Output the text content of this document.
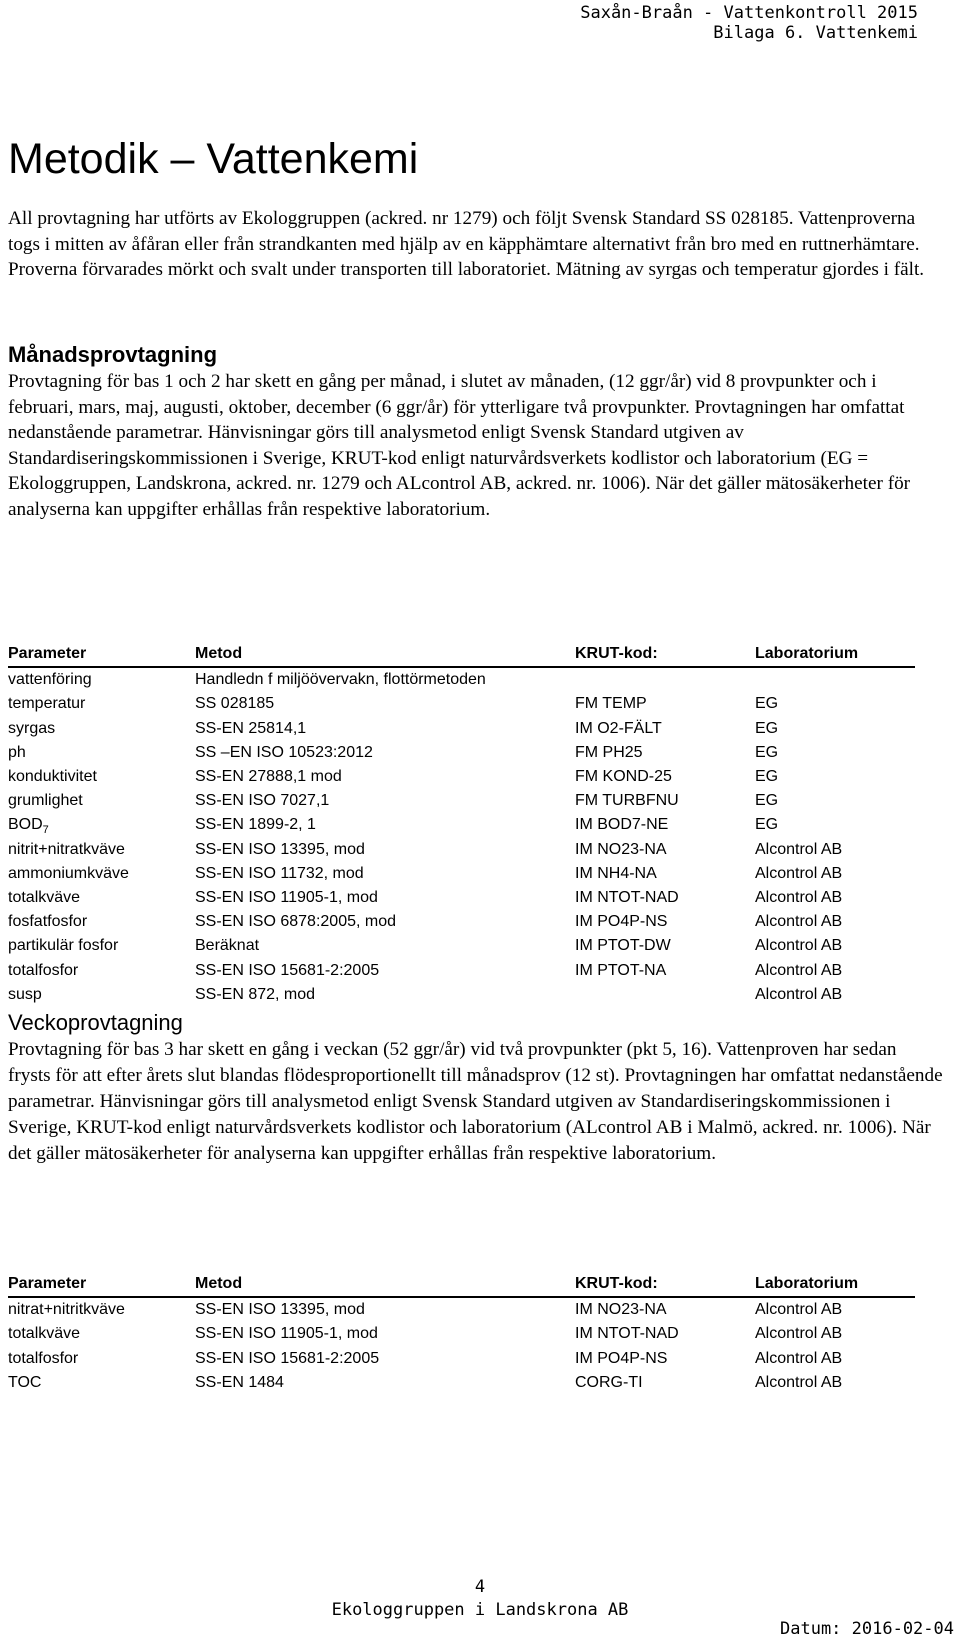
Saxån-Braån - Vattenkontroll 2015
Bilaga 6. Vattenkemi
Metodik – Vattenkemi

All provtagning har utförts av Ekologgruppen (ackred. nr 1279) och följt Svensk Standard SS 028185. Vattenproverna togs i mitten av åfåran eller från strandkanten med hjälp av en käpphämtare alternativt från bro med en ruttnerhämtare. Proverna förvarades mörkt och svalt under transporten till laboratoriet. Mätning av syrgas och temperatur gjordes i fält.

Månadsprovtagning

Provtagning för bas 1 och 2 har skett en gång per månad, i slutet av månaden, (12 ggr/år) vid 8 provpunkter och i februari, mars, maj, augusti, oktober, december (6 ggr/år) för ytterligare två provpunkter. Provtagningen har omfattat nedanstående parametrar. Hänvisningar görs till analysmetod enligt Svensk Standard utgiven av Standardiseringskommissionen i Sverige, KRUT-kod enligt naturvårdsverkets kodlistor och laboratorium (EG = Ekologgruppen, Landskrona, ackred. nr. 1279 och ALcontrol AB, ackred. nr. 1006). När det gäller mätosäkerheter för analyserna kan uppgifter erhållas från respektive laboratorium.

Parameter	Metod	KRUT-kod:	Laboratorium
vattenföring	Handledn f miljöövervakn, flottörmetoden		
temperatur	SS 028185	FM TEMP	EG
syrgas	SS-EN 25814,1	IM O2-FÄLT	EG
ph	SS –EN ISO 10523:2012	FM PH25	EG
konduktivitet	SS-EN 27888,1 mod	FM KOND-25	EG
grumlighet	SS-EN ISO 7027,1	FM TURBFNU	EG
$BOD_7$	SS-EN 1899-2, 1	IM BOD7-NE	EG
nitrit+nitratkväve	SS-EN ISO 13395, mod	IM NO23-NA	Alcontrol AB
ammoniumkväve	SS-EN ISO 11732, mod	IM NH4-NA	Alcontrol AB
totalkväve	SS-EN ISO 11905-1, mod	IM NTOT-NAD	Alcontrol AB
fosfatfosfor	SS-EN ISO 6878:2005, mod	IM PO4P-NS	Alcontrol AB
partikulär fosfor	Beräknat	IM PTOT-DW	Alcontrol AB
totalfosfor	SS-EN ISO 15681-2:2005	IM PTOT-NA	Alcontrol AB
susp	SS-EN 872, mod		Alcontrol AB
Veckoprovtagning

Provtagning för bas 3 har skett en gång i veckan (52 ggr/år) vid två provpunkter (pkt 5, 16). Vattenproven har sedan frysts för att efter årets slut blandas flödesproportionellt till månadsprov (12 st). Provtagningen har omfattat nedanstående parametrar. Hänvisningar görs till analysmetod enligt Svensk Standard utgiven av Standardiseringskommissionen i Sverige, KRUT-kod enligt naturvårdsverkets kodlistor och laboratorium (ALcontrol AB i Malmö, ackred. nr. 1006). När det gäller mätosäkerheter för analyserna kan uppgifter erhållas från respektive laboratorium.

Parameter	Metod	KRUT-kod:	Laboratorium
nitrat+nitritkväve	SS-EN ISO 13395, mod	IM NO23-NA	Alcontrol AB
totalkväve	SS-EN ISO 11905-1, mod	IM NTOT-NAD	Alcontrol AB
totalfosfor	SS-EN ISO 15681-2:2005	IM PO4P-NS	Alcontrol AB
TOC	SS-EN 1484	CORG-TI	Alcontrol AB
4
Ekologgruppen i Landskrona AB
Datum: 2016-02-04
